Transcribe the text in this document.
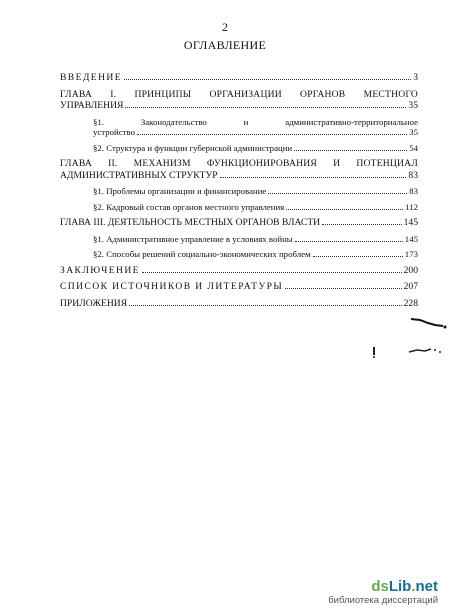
2
ОГЛАВЛЕНИЕ
ВВЕДЕНИЕ	3
ГЛАВА I. ПРИНЦИПЫ ОРГАНИЗАЦИИ ОРГАНОВ МЕСТНОГО
УПРАВЛЕНИЯ	35
§1. Законодательство и административно-территориальное
устройство	35
§2. Структура и функции губернской администрации	54
ГЛАВА II. МЕХАНИЗМ ФУНКЦИОНИРОВАНИЯ И ПОТЕНЦИАЛ
АДМИНИСТРАТИВНЫХ СТРУКТУР	83
§1. Проблемы организации и финансирование	83
§2. Кадровый состав органов местного управления	112
ГЛАВА III. ДЕЯТЕЛЬНОСТЬ МЕСТНЫХ ОРГАНОВ ВЛАСТИ	145
§1. Административное управление в условиях войны	145
§2. Способы решений социально-экономических проблем	173
ЗАКЛЮЧЕНИЕ	200
СПИСОК ИСТОЧНИКОВ И ЛИТЕРАТУРЫ	207
ПРИЛОЖЕНИЯ	228
dsLib.net
библиотека диссертаций
